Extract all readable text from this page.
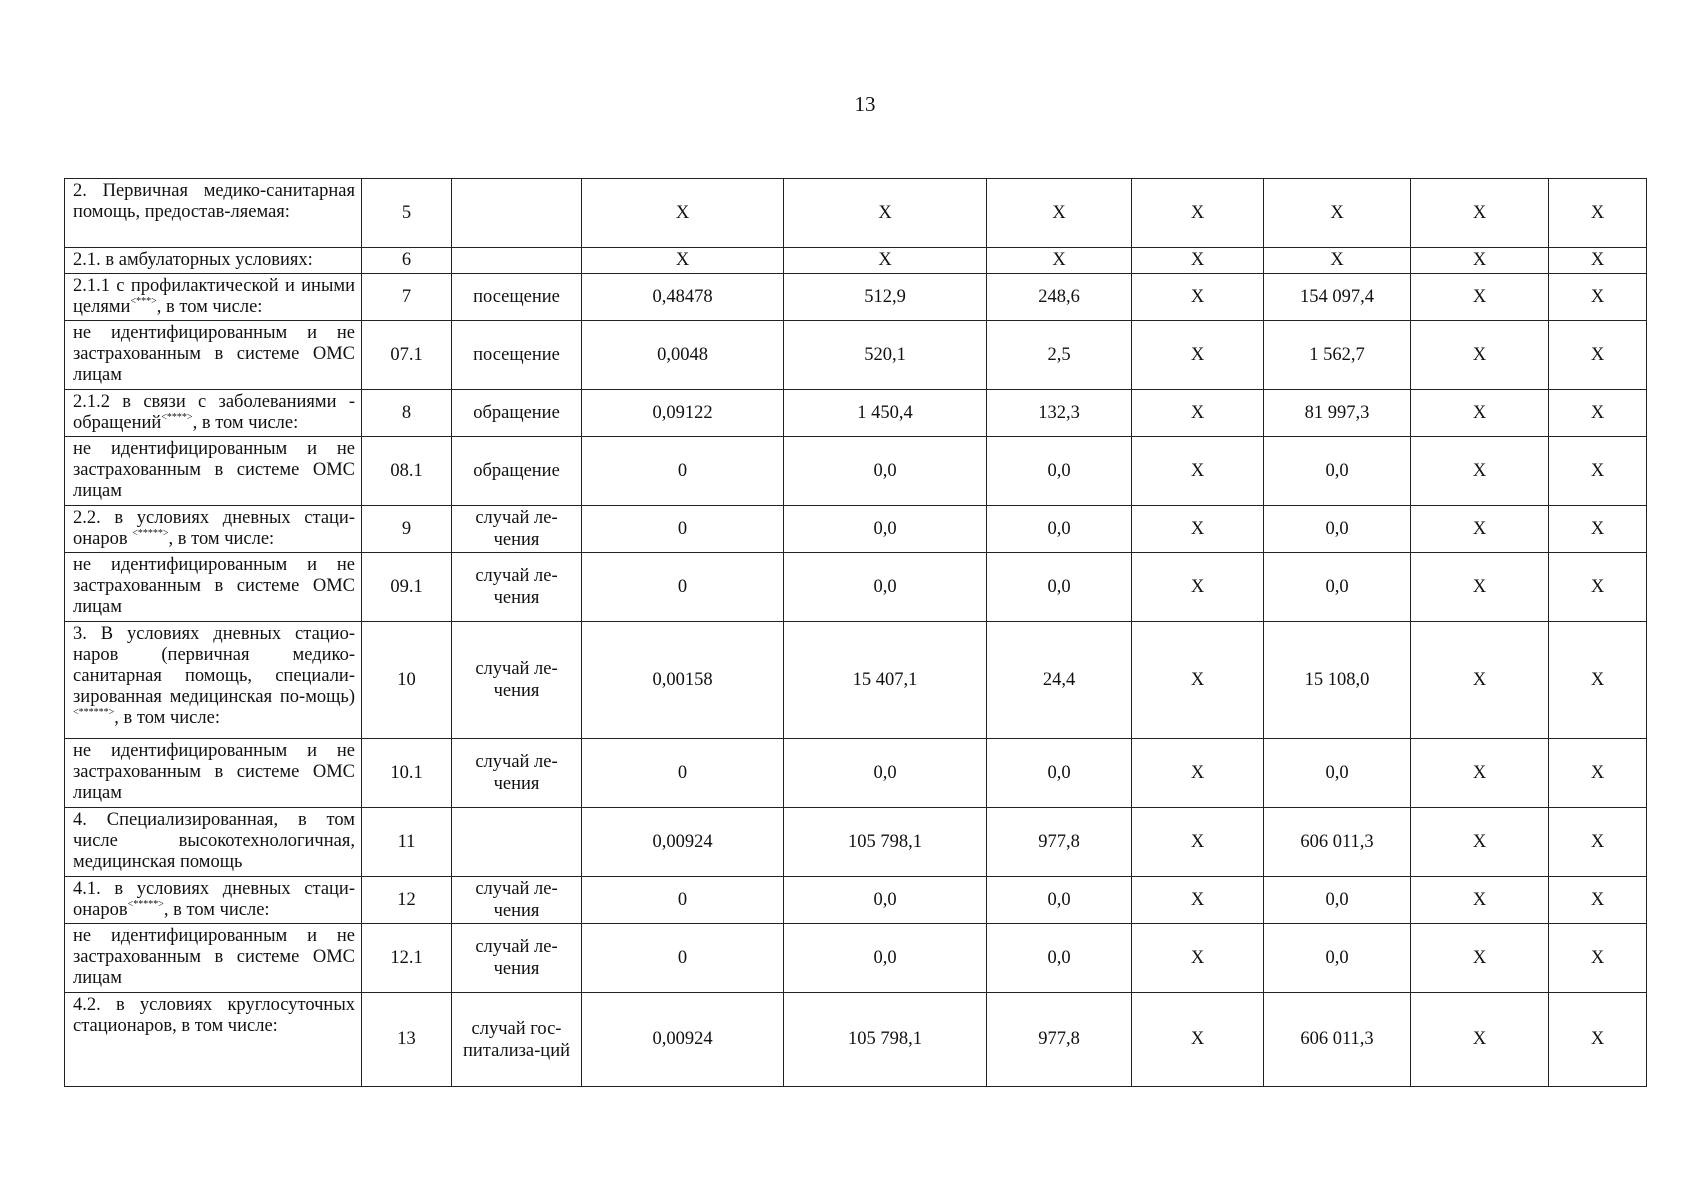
13
2. Первичная медико-санитарная помощь, предостав-ляемая:	5		X	X	X	X	X	X	X
2.1. в амбулаторных условиях:	6		X	X	X	X	X	X	X
2.1.1 с профилактической и иными целями<***>, в том числе:	7	посещение	0,48478	512,9	248,6	X	154 097,4	X	X
не идентифицированным и не застрахованным в системе ОМС лицам	07.1	посещение	0,0048	520,1	2,5	X	1 562,7	X	X
2.1.2 в связи с заболеваниями - обращений<****>, в том числе:	8	обращение	0,09122	1 450,4	132,3	X	81 997,3	X	X
не идентифицированным и не застрахованным в системе ОМС лицам	08.1	обращение	0	0,0	0,0	X	0,0	X	X
2.2. в условиях дневных стаци-онаров <*****>, в том числе:	9	случай ле-чения	0	0,0	0,0	X	0,0	X	X
не идентифицированным и не застрахованным в системе ОМС лицам	09.1	случай ле-чения	0	0,0	0,0	X	0,0	X	X
3. В условиях дневных стацио-наров (первичная медико-санитарная помощь, специали-зированная медицинская по-мощь) <******>, в том числе:	10	случай ле-чения	0,00158	15 407,1	24,4	X	15 108,0	X	X
не идентифицированным и не застрахованным в системе ОМС лицам	10.1	случай ле-чения	0	0,0	0,0	X	0,0	X	X
4. Специализированная, в том числе высокотехнологичная, медицинская помощь	11		0,00924	105 798,1	977,8	X	606 011,3	X	X
4.1. в условиях дневных стаци-онаров<*****>, в том числе:	12	случай ле-чения	0	0,0	0,0	X	0,0	X	X
не идентифицированным и не застрахованным в системе ОМС лицам	12.1	случай ле-чения	0	0,0	0,0	X	0,0	X	X
4.2. в условиях круглосуточных стационаров, в том числе:	13	случай гос-питализа-ций	0,00924	105 798,1	977,8	X	606 011,3	X	X
